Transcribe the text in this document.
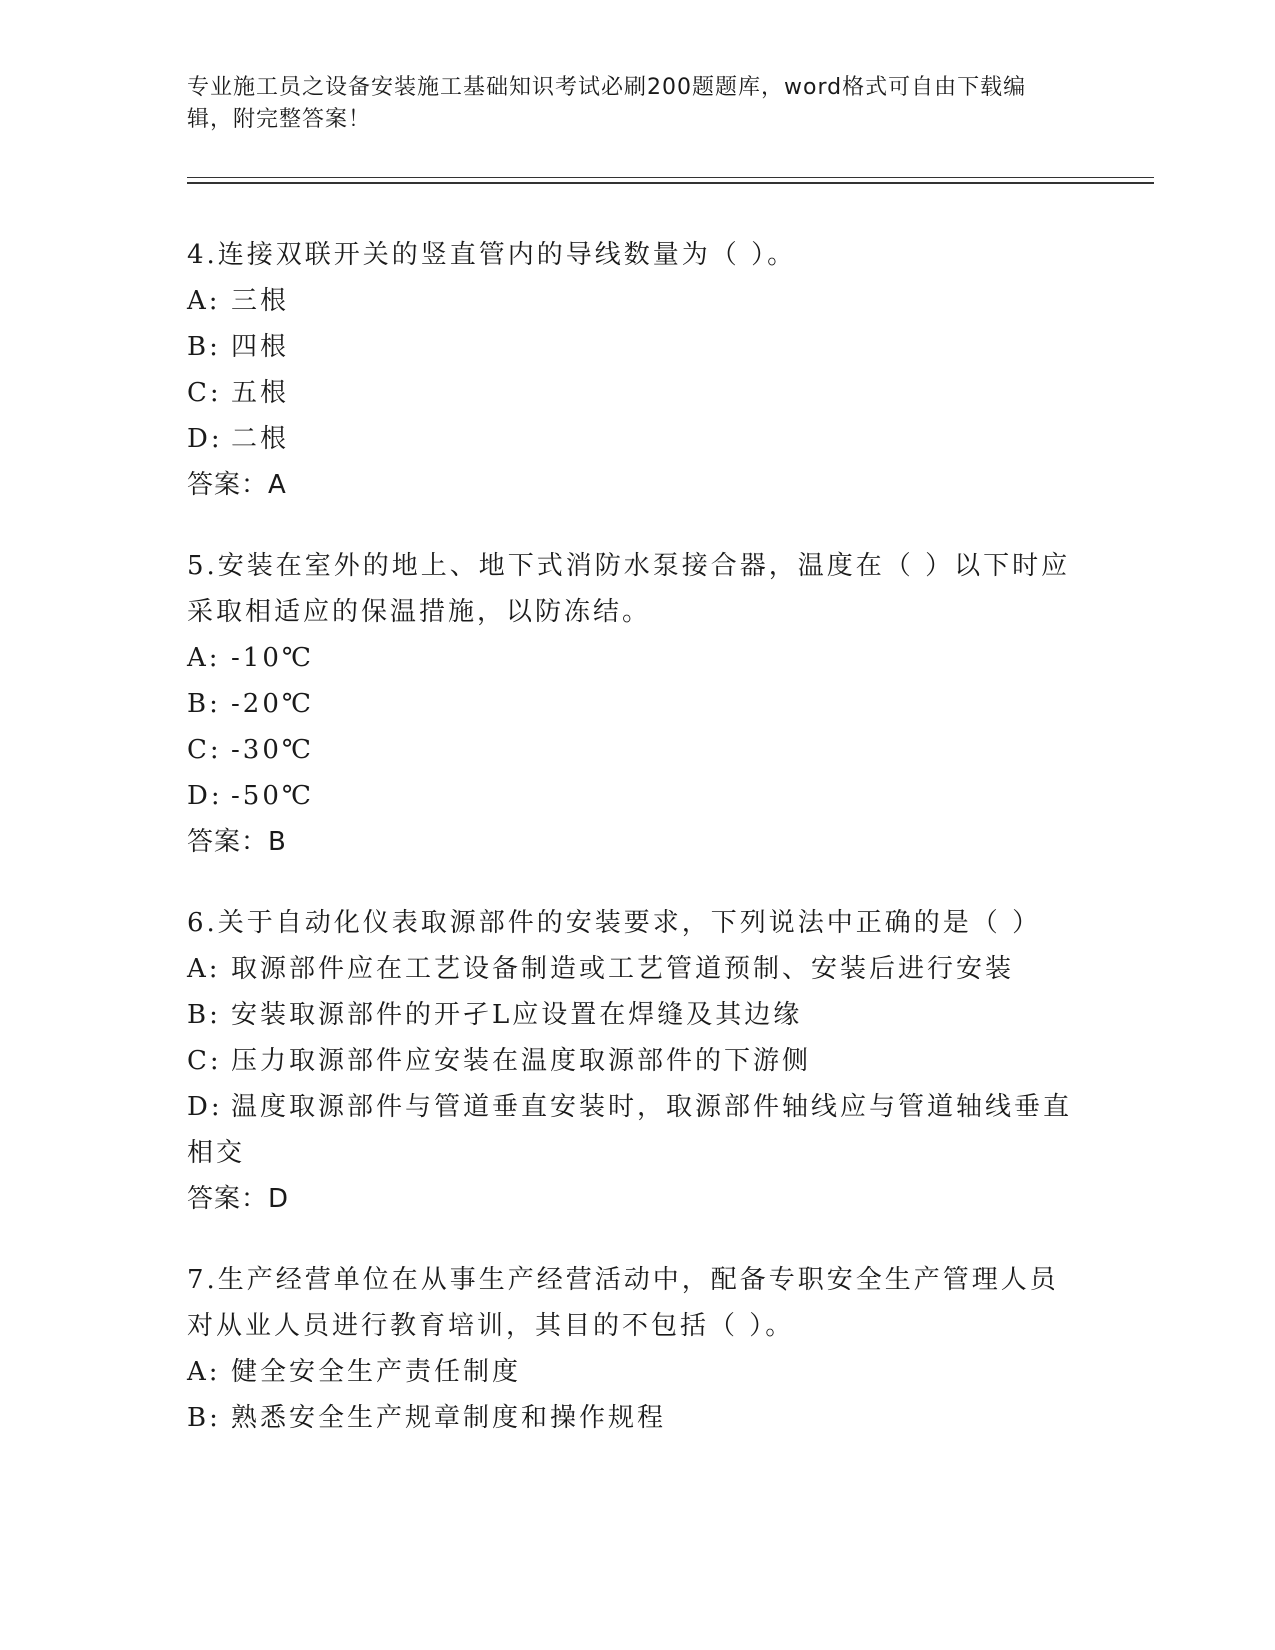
专业施工员之设备安装施工基础知识考试必刷200题题库，word格式可自由下载编辑，附完整答案！
4.连接双联开关的竖直管内的导线数量为（ ）。
A: 三根
B: 四根
C: 五根
D: 二根
答案：A
5.安装在室外的地上、地下式消防水泵接合器，温度在（ ）以下时应采取相适应的保温措施，以防冻结。
A: -10℃
B: -20℃
C: -30℃
D: -50℃
答案：B
6.关于自动化仪表取源部件的安装要求，下列说法中正确的是（ ）
A: 取源部件应在工艺设备制造或工艺管道预制、安装后进行安装
B: 安装取源部件的开孑L应设置在焊缝及其边缘
C: 压力取源部件应安装在温度取源部件的下游侧
D: 温度取源部件与管道垂直安装时，取源部件轴线应与管道轴线垂直相交
答案：D
7.生产经营单位在从事生产经营活动中，配备专职安全生产管理人员对从业人员进行教育培训，其目的不包括（ ）。
A: 健全安全生产责任制度
B: 熟悉安全生产规章制度和操作规程
